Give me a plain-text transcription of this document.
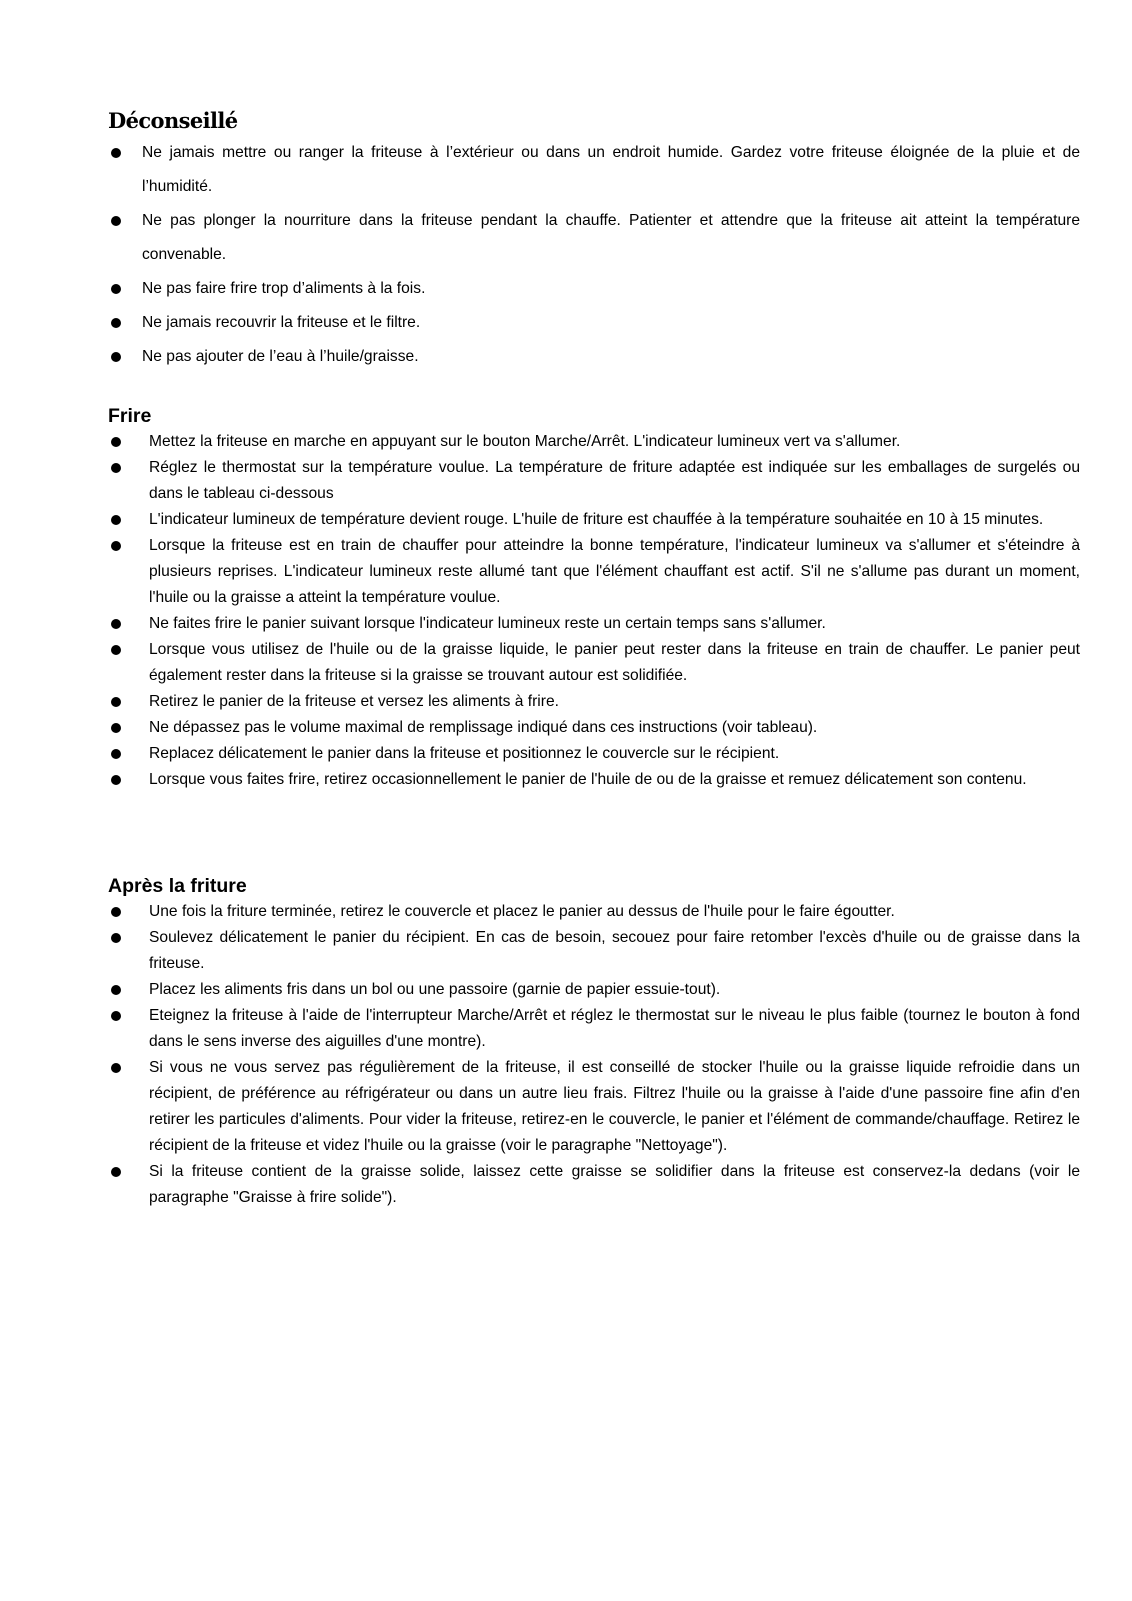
Déconseillé
Ne jamais mettre ou ranger la friteuse à l’extérieur ou dans un endroit humide. Gardez votre friteuse éloignée de la pluie et de l’humidité.
Ne pas plonger la nourriture dans la friteuse pendant la chauffe. Patienter et attendre que la friteuse ait atteint la température convenable.
Ne pas faire frire trop d’aliments à la fois.
Ne jamais recouvrir la friteuse et le filtre.
Ne pas ajouter de l’eau à l’huile/graisse.
Frire
Mettez la friteuse en marche en appuyant sur le bouton Marche/Arrêt. L'indicateur lumineux vert va s'allumer.
Réglez le thermostat sur la température voulue. La température de friture adaptée est indiquée sur les emballages de surgelés ou dans le tableau ci-dessous
L'indicateur lumineux de température devient rouge. L'huile de friture est chauffée à la température souhaitée en 10 à 15 minutes.
Lorsque la friteuse est en train de chauffer pour atteindre la bonne température, l'indicateur lumineux va s'allumer et s'éteindre à plusieurs reprises. L'indicateur lumineux reste allumé tant que l'élément chauffant est actif. S'il ne s'allume pas durant un moment, l'huile ou la graisse a atteint la température voulue.
Ne faites frire le panier suivant lorsque l'indicateur lumineux reste un certain temps sans s'allumer.
Lorsque vous utilisez de l'huile ou de la graisse liquide, le panier peut rester dans la friteuse en train de chauffer. Le panier peut également rester dans la friteuse si la graisse se trouvant autour est solidifiée.
Retirez le panier de la friteuse et versez les aliments à frire.
Ne dépassez pas le volume maximal de remplissage indiqué dans ces instructions (voir tableau).
Replacez délicatement le panier dans la friteuse et positionnez le couvercle sur le récipient.
Lorsque vous faites frire, retirez occasionnellement le panier de l'huile de ou de la graisse et remuez délicatement son contenu.
Après la friture
Une fois la friture terminée, retirez le couvercle et placez le panier au dessus de l'huile pour le faire égoutter.
Soulevez délicatement le panier du récipient. En cas de besoin, secouez pour faire retomber l'excès d'huile ou de graisse dans la friteuse.
Placez les aliments fris dans un bol ou une passoire (garnie de papier essuie-tout).
Eteignez la friteuse à l'aide de l'interrupteur Marche/Arrêt et réglez le thermostat sur le niveau le plus faible (tournez le bouton à fond dans le sens inverse des aiguilles d'une montre).
Si vous ne vous servez pas régulièrement de la friteuse, il est conseillé de stocker l'huile ou la graisse liquide refroidie dans un récipient, de préférence au réfrigérateur ou dans un autre lieu frais. Filtrez l'huile ou la graisse à l'aide d'une passoire fine afin d'en retirer les particules d'aliments. Pour vider la friteuse, retirez-en le couvercle, le panier et l'élément de commande/chauffage. Retirez le récipient de la friteuse et videz l'huile ou la graisse (voir le paragraphe "Nettoyage").
Si la friteuse contient de la graisse solide, laissez cette graisse se solidifier dans la friteuse est conservez-la dedans (voir le paragraphe "Graisse à frire solide").
